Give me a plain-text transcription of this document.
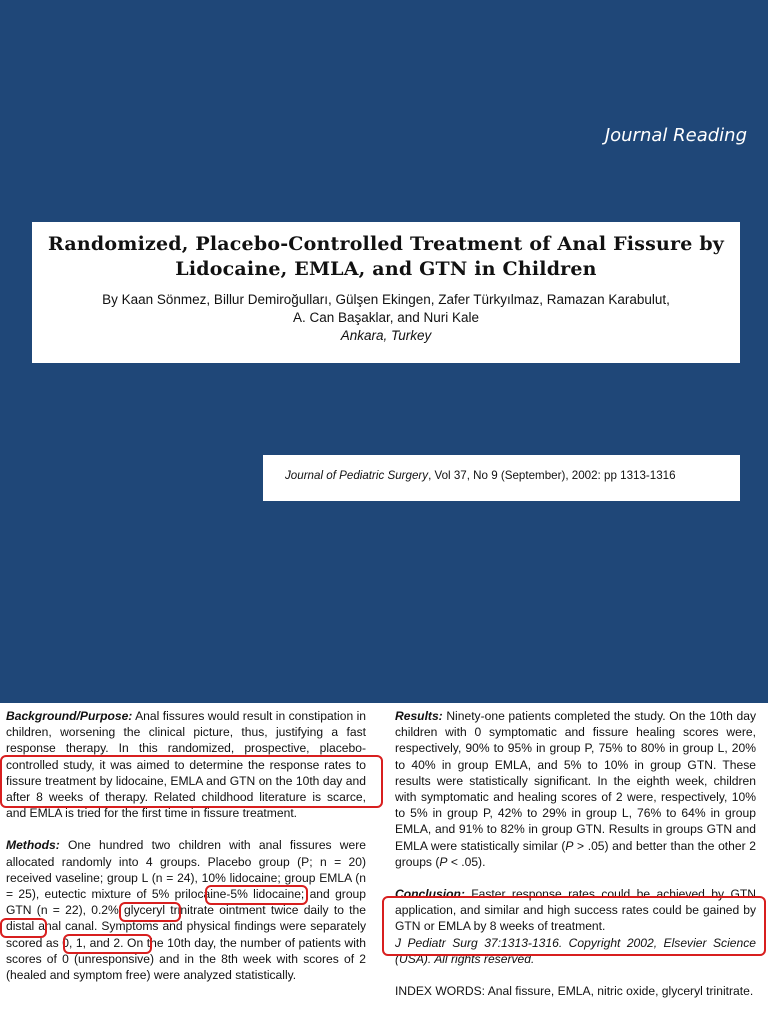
Journal Reading
Randomized, Placebo-Controlled Treatment of Anal Fissure by
Lidocaine, EMLA, and GTN in Children
By Kaan Sönmez, Billur Demiroğulları, Gülşen Ekingen, Zafer Türkyılmaz, Ramazan Karabulut,
A. Can Başaklar, and Nuri Kale
Ankara, Turkey
Journal of Pediatric Surgery, Vol 37, No 9 (September), 2002: pp 1313-1316

Background/Purpose: Anal fissures would result in constipation in children, worsening the clinical picture, thus, justifying a fast response therapy. In this randomized, prospective, placebo-controlled study, it was aimed to determine the response rates to fissure treatment by lidocaine, EMLA and GTN on the 10th day and after 8 weeks of therapy. Related childhood literature is scarce, and EMLA is tried for the first time in fissure treatment.

Methods: One hundred two children with anal fissures were allocated randomly into 4 groups. Placebo group (P; n = 20) received vaseline; group L (n = 24), 10% lidocaine; group EMLA (n = 25), eutectic mixture of 5% prilocaine-5% lidocaine; and group GTN (n = 22), 0.2% glyceryl trinitrate ointment twice daily to the distal anal canal. Symptoms and physical findings were separately scored as 0, 1, and 2. On the 10th day, the number of patients with scores of 0 (unresponsive) and in the 8th week with scores of 2 (healed and symptom free) were analyzed statistically.

Results: Ninety-one patients completed the study. On the 10th day children with 0 symptomatic and fissure healing scores were, respectively, 90% to 95% in group P, 75% to 80% in group L, 20% to 40% in group EMLA, and 5% to 10% in group GTN. These results were statistically significant. In the eighth week, children with symptomatic and healing scores of 2 were, respectively, 10% to 5% in group P, 42% to 29% in group L, 76% to 64% in group EMLA, and 91% to 82% in group GTN. Results in groups GTN and EMLA were statistically similar (P > .05) and better than the other 2 groups (P < .05).

Conclusion: Faster response rates could be achieved by GTN application, and similar and high success rates could be gained by GTN or EMLA by 8 weeks of treatment.

J Pediatr Surg 37:1313-1316. Copyright 2002, Elsevier Science (USA). All rights reserved.

INDEX WORDS: Anal fissure, EMLA, nitric oxide, glyceryl trinitrate.
